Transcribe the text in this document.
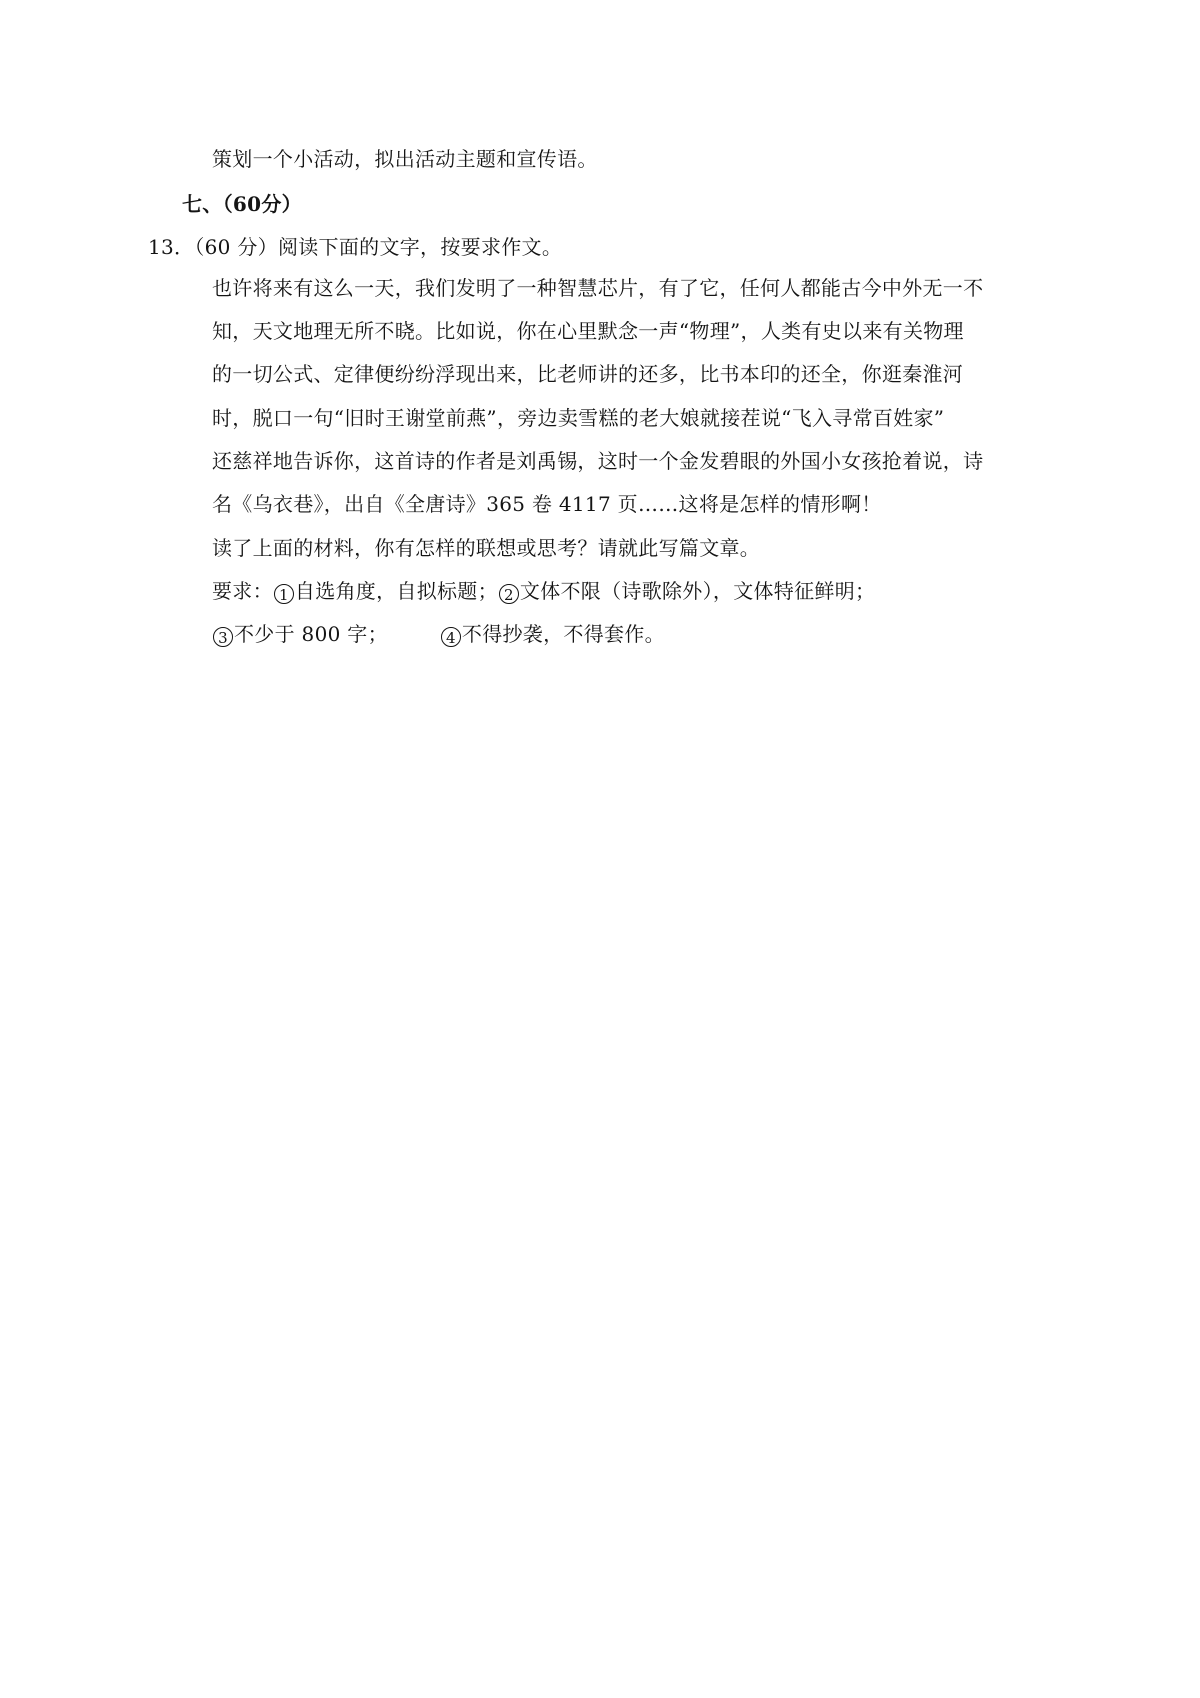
策划一个小活动，拟出活动主题和宣传语。
七、（60分）
13．（60 分）阅读下面的文字，按要求作文。
也许将来有这么一天，我们发明了一种智慧芯片，有了它，任何人都能古今中外无一不
知，天文地理无所不晓。比如说，你在心里默念一声“物理”，人类有史以来有关物理
的一切公式、定律便纷纷浮现出来，比老师讲的还多，比书本印的还全，你逛秦淮河
时，脱口一句“旧时王谢堂前燕”，旁边卖雪糕的老大娘就接茬说“飞入寻常百姓家”
还慈祥地告诉你，这首诗的作者是刘禹锡，这时一个金发碧眼的外国小女孩抢着说，诗
名《乌衣巷》，出自《全唐诗》365 卷 4117 页……这将是怎样的情形啊！
读了上面的材料，你有怎样的联想或思考？请就此写篇文章。
要求： 1 自选角度，自拟标题； 2 文体不限（诗歌除外），文体特征鲜明；
3 不少于 800 字；	4 不得抄袭，不得套作。
